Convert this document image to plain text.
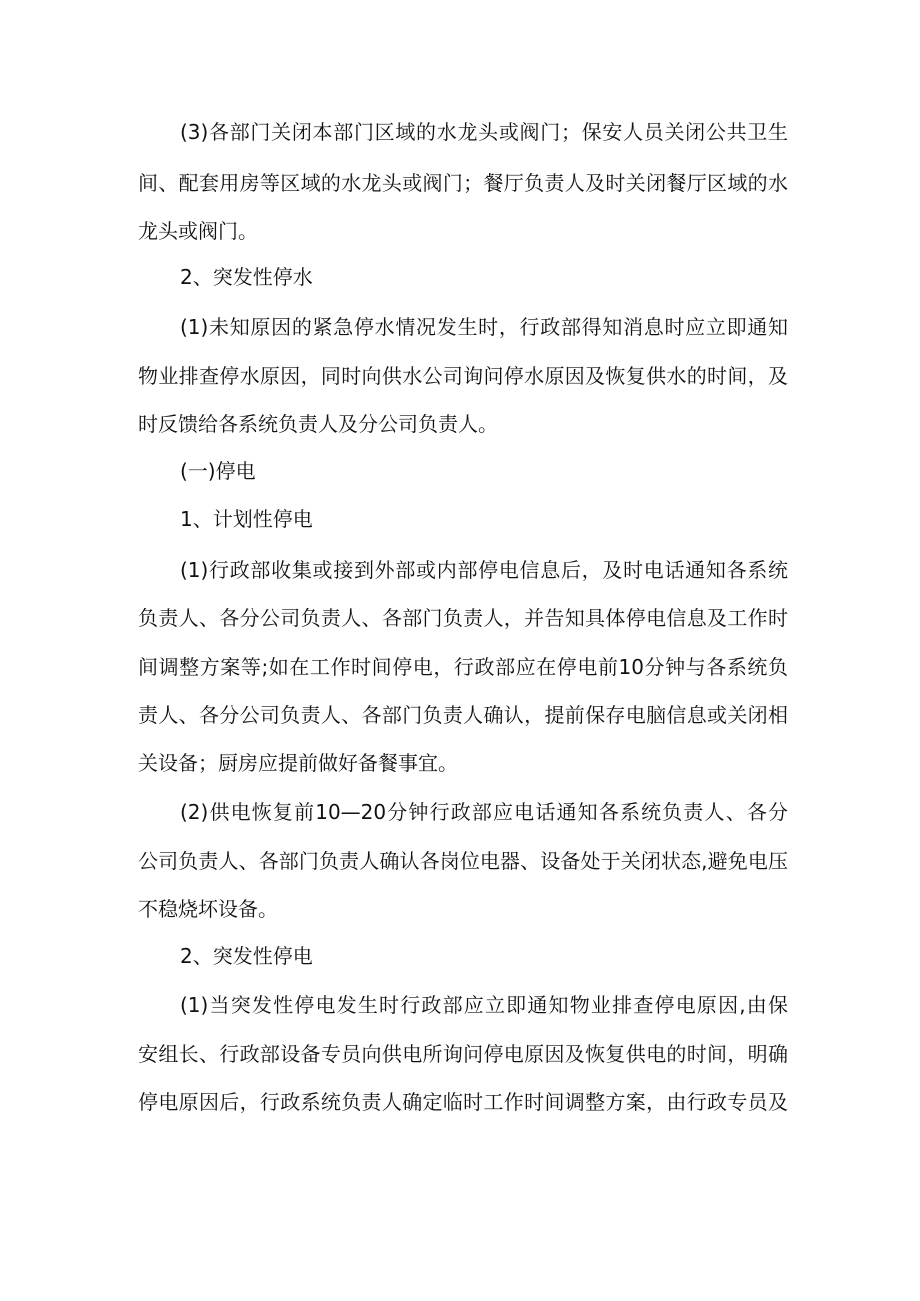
(3)各部门关闭本部门区域的水龙头或阀门；保安人员关闭公共卫生
间、配套用房等区域的水龙头或阀门；餐厅负责人及时关闭餐厅区域的水
龙头或阀门。
2、突发性停水
(1)未知原因的紧急停水情况发生时，行政部得知消息时应立即通知
物业排查停水原因，同时向供水公司询问停水原因及恢复供水的时间，及
时反馈给各系统负责人及分公司负责人。
(一)停电
1、计划性停电
(1)行政部收集或接到外部或内部停电信息后，及时电话通知各系统
负责人、各分公司负责人、各部门负责人，并告知具体停电信息及工作时
间调整方案等;如在工作时间停电，行政部应在停电前10分钟与各系统负
责人、各分公司负责人、各部门负责人确认，提前保存电脑信息或关闭相
关设备；厨房应提前做好备餐事宜。
(2)供电恢复前10—20分钟行政部应电话通知各系统负责人、各分
公司负责人、各部门负责人确认各岗位电器、设备处于关闭状态,避免电压
不稳烧坏设备。
2、突发性停电
(1)当突发性停电发生时行政部应立即通知物业排查停电原因,由保
安组长、行政部设备专员向供电所询问停电原因及恢复供电的时间，明确
停电原因后，行政系统负责人确定临时工作时间调整方案，由行政专员及
